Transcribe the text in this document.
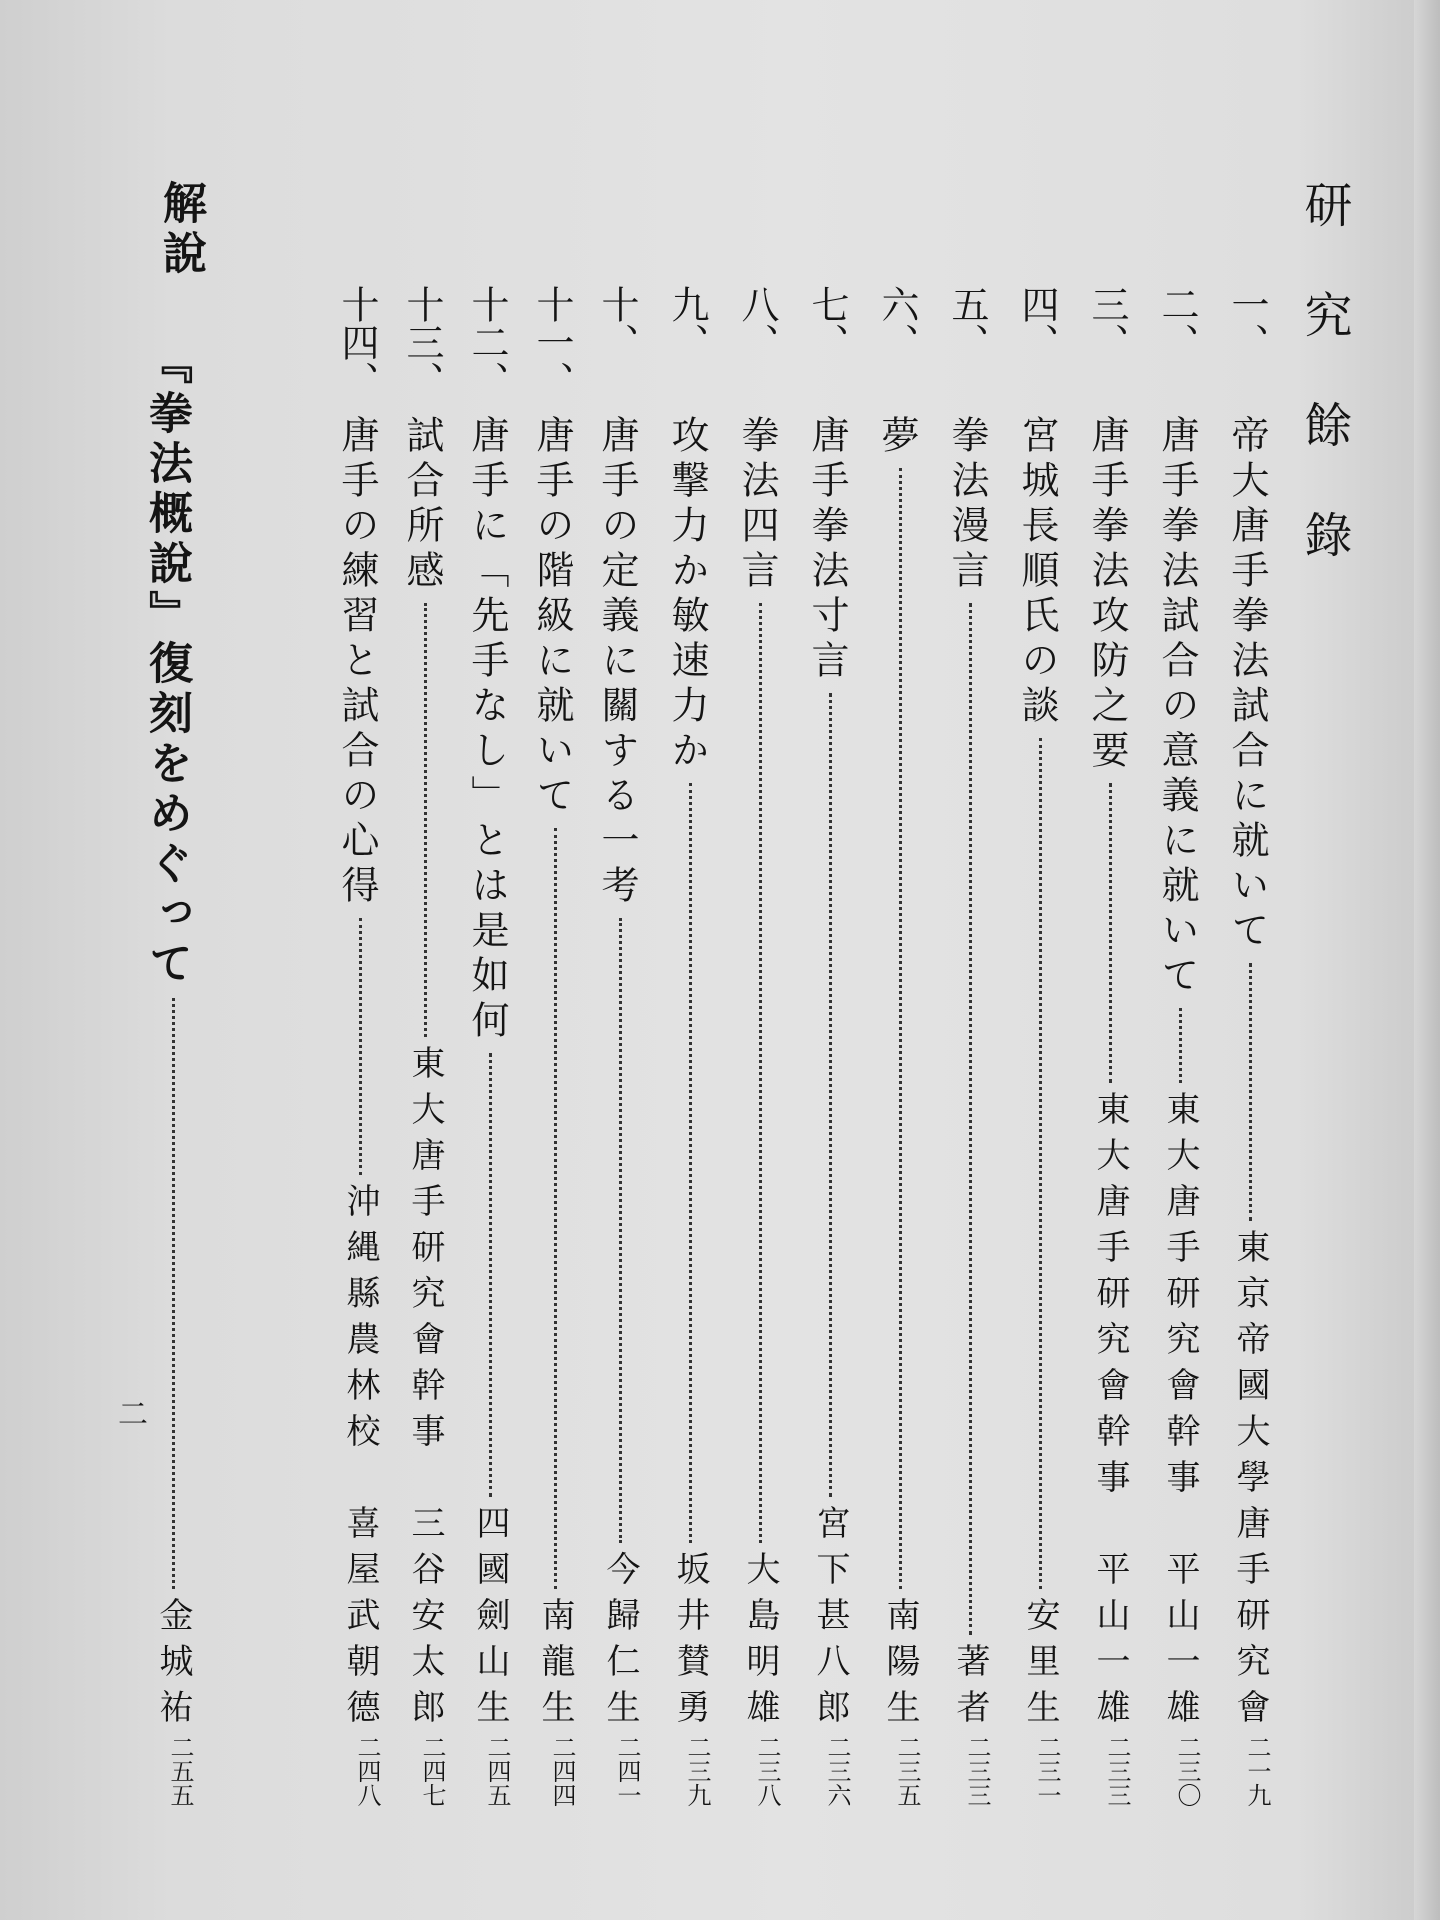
研究餘錄
一、
帝大唐手拳法試合に就いて
東京帝國大學唐手研究會
二一九
二、
唐手拳法試合の意義に就いて
東大唐手研究會幹事　平山一雄
二三〇
三、
唐手拳法攻防之要
東大唐手研究會幹事　平山一雄
二三三
四、
宮城長順氏の談
安里生
二三一
五、
拳法漫言
著者
二三三
六、
夢
南陽生
二三五
七、
唐手拳法寸言
宮下甚八郎
二三六
八、
拳法四言
大島明雄
二三八
九、
攻撃力か敏速力か
坂井賛勇
二三九
十、
唐手の定義に關する一考
今歸仁生
二四一
十一、
唐手の階級に就いて
南龍生
二四四
十二、
唐手に「先手なし」とは是如何
四國劍山生
二四五
十三、
試合所感
東大唐手研究會幹事　三谷安太郎
二四七
十四、
唐手の練習と試合の心得
沖縄縣農林校　喜屋武朝德
二四八
解說
『拳法概說』復刻をめぐって
金城祐
二五五
二
